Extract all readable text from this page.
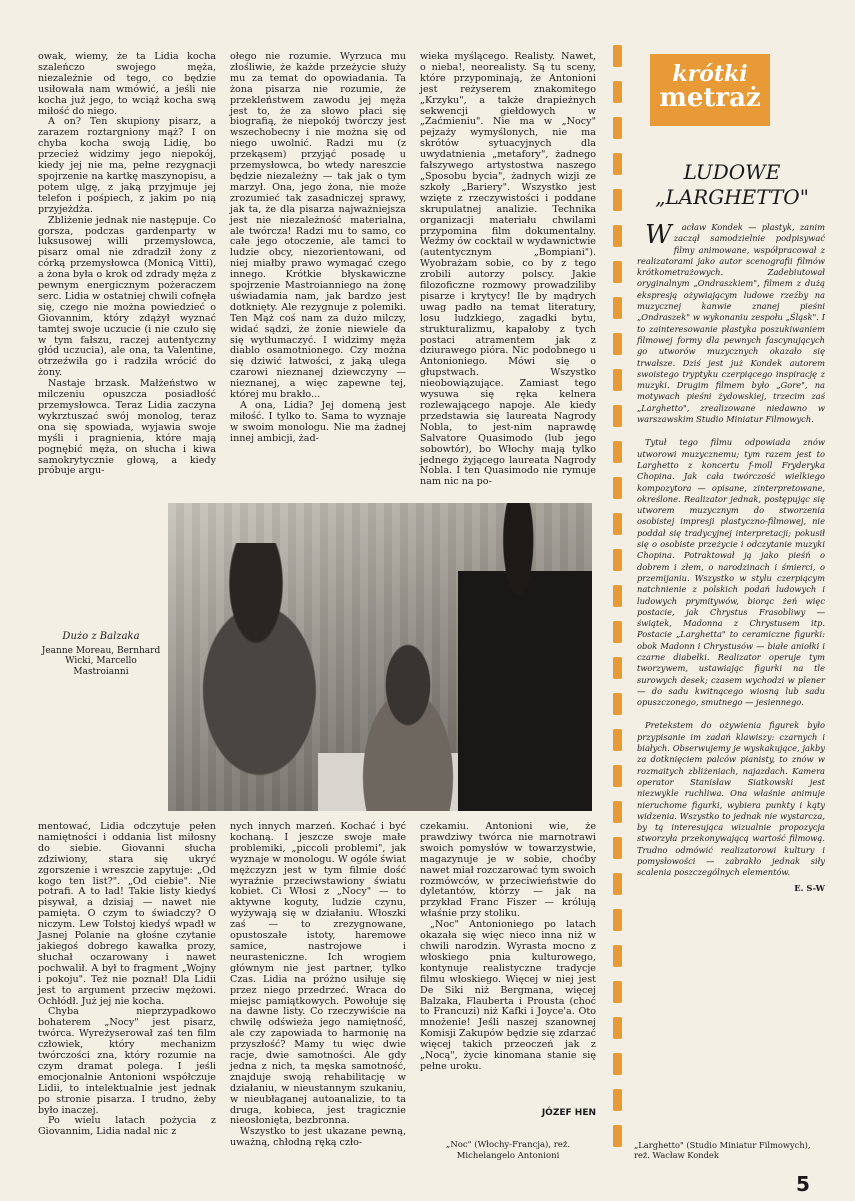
owak, wiemy, że ta Lidia kocha szaleńczo swojego męża, niezależnie od tego, co będzie usiłowała nam wmówić, a jeśli nie kocha już jego, to wciąż kocha swą miłość do niego.

A on? Ten skupiony pisarz, a zarazem roztargniony mąż? I on chyba kocha swoją Lidię, bo przecież widzimy jego niepokój, kiedy jej nie ma, pełne rezygnacji spojrzenie na kartkę maszynopisu, a potem ulgę, z jaką przyjmuje jej telefon i pośpiech, z jakim po nią przyjeżdża.

Zbliżenie jednak nie następuje. Co gorsza, podczas gardenparty w luksusowej willi przemysłowca, pisarz omal nie zdradził żony z córką przemysłowca (Monicą Vitti), a żona była o krok od zdrady męża z pewnym energicznym pożeraczem serc. Lidia w ostatniej chwili cofnęła się, czego nie można powiedzieć o Giovannim, który zdążył wyznać tamtej swoje uczucie (i nie czuło się w tym fałszu, raczej autentyczny głód uczucia), ale ona, ta Valentine, otrzeźwiła go i radziła wrócić do żony.

Nastaje brzask. Małżeństwo w milczeniu opuszcza posiadłość przemysłowca. Teraz Lidia zaczyna wykrztuszać swój monolog, teraz ona się spowiada, wyjawia swoje myśli i pragnienia, które mają pognębić męża, on słucha i kiwa samokrytycznie głową, a kiedy próbuje argu-

ołego nie rozumie. Wyrzuca mu złośliwie, że każde przeżycie służy mu za temat do opowiadania. Ta żona pisarza nie rozumie, że przekleństwem zawodu jej męża jest to, że za słowo płaci się biografią, że niepokój twórczy jest wszechobecny i nie można się od niego uwolnić. Radzi mu (z przekąsem) przyjąć posadę u przemysłowca, bo wtedy nareszcie będzie niezależny — tak jak o tym marzył. Ona, jego żona, nie może zrozumieć tak zasadniczej sprawy, jak ta, że dla pisarza najważniejsza jest nie niezależność materialna, ale twórcza! Radzi mu to samo, co całe jego otoczenie, ale tamci to ludzie obcy, niezorientowani, od niej miałby prawo wymagać czego innego. Krótkie błyskawiczne spojrzenie Mastroianniego na żonę uświadamia nam, jak bardzo jest dotknięty. Ale rezygnuje z polemiki. Ten Mąż coś nam za dużo milczy, widać sądzi, że żonie niewiele da się wytłumaczyć. I widzimy męża diablo osamotnionego. Czy można się dziwić łatwości, z jaką ulega czarowi nieznanej dziewczyny — nieznanej, a więc zapewne tej, której mu brakło...

A ona, Lidia? Jej domeną jest miłość. I tylko to. Sama to wyznaje w swoim monologu. Nie ma żadnej innej ambicji, żad-

wieka myślącego. Realisty. Nawet, o nieba!, neorealisty. Są tu sceny, które przypominają, że Antonioni jest reżyserem znakomitego „Krzyku", a także drapieżnych sekwencji giełdowych w „Zaćmieniu". Nie ma w „Nocy" pejzaży wymyślonych, nie ma skrótów sytuacyjnych dla uwydatnienia „metafory", żadnego fałszywego artystostwa naszego „Sposobu bycia", żadnych wizji ze szkoły „Bariery". Wszystko jest wzięte z rzeczywistości i poddane skrupulatnej analizie. Technika organizacji materiału chwilami przypomina film dokumentalny. Weźmy ów cocktail w wydawnictwie (autentycznym „Bompiani"). Wyobrażam sobie, co by z tego zrobili autorzy polscy. Jakie filozoficzne rozmowy prowadziliby pisarze i krytycy! Ile by mądrych uwag padło na temat literatury, losu ludzkiego, zagadki bytu, strukturalizmu, kapałoby z tych postaci atramentem jak z dziurawego pióra. Nic podobnego u Antonioniego. Mówi się o głupstwach. Wszystko nieobowiązujące. Zamiast tego wysuwa się ręka kelnera rozlewającego napoje. Ale kiedy przedstawia się laureata Nagrody Nobla, to jest-nim naprawdę Salvatore Quasimodo (lub jego sobowtór), bo Włochy mają tylko jednego żyjącego laureata Nagrody Nobla. I ten Quasimodo nie rymuje nam nic na po-

Dużo z Balzaka
Jeanne Moreau, Bernhard Wicki, Marcello Mastroianni

mentować, Lidia odczytuje pełen namiętności i oddania list miłosny do siebie. Giovanni słucha zdziwiony, stara się ukryć zgorszenie i wreszcie zapytuje: „Od kogo ten list?". „Od ciebie". Nie potrafi. A to ład! Takie listy kiedyś pisywał, a dzisiaj — nawet nie pamięta. O czym to świadczy? O niczym. Lew Tołstoj kiedyś wpadł w Jasnej Polanie na głośne czytanie jakiegoś dobrego kawałka prozy, słuchał oczarowany i nawet pochwalił. A był to fragment „Wojny i pokoju". Też nie poznał! Dla Lidii jest to argument przeciw mężowi. Ochłódł. Już jej nie kocha.

Chyba nieprzypadkowo bohaterem „Nocy" jest pisarz, twórca. Wyreżyserował zaś ten film człowiek, który mechanizm twórczości zna, który rozumie na czym dramat polega. I jeśli emocjonalnie Antonioni współczuje Lidii, to intelektualnie jest jednak po stronie pisarza. I trudno, żeby było inaczej.

Po wielu latach pożycia z Giovannim, Lidia nadal nic z

nych innych marzeń. Kochać i być kochaną. I jeszcze swoje małe problemiki, „piccoli problemi", jak wyznaje w monologu. W ogóle świat mężczyzn jest w tym filmie dość wyraźnie przeciwstawiony światu kobiet. Ci Włosi z „Nocy" — to aktywne koguty, ludzie czynu, wyżywają się w działaniu. Włoszki zaś — to zrezygnowane, opustoszałe istoty, haremowe samice, nastrojowe i neurasteniczne. Ich wrogiem głównym nie jest partner, tylko Czas. Lidia na próżno usiłuje się przez niego przedrzeć. Wraca do miejsc pamiątkowych. Powołuje się na dawne listy. Co rzeczywiście na chwilę odświeża jego namiętność, ale czy zapowiada to harmonię na przyszłość? Mamy tu więc dwie racje, dwie samotności. Ale gdy jedna z nich, ta męska samotność, znajduje swoją rehabilitację w działaniu, w nieustannym szukaniu, w nieubłaganej autoanalizie, to ta druga, kobieca, jest tragicznie nieosłonięta, bezbronna.

Wszystko to jest ukazane pewną, uważną, chłodną ręką czło-

czekamiu. Antonioni wie, że prawdziwy twórca nie marnotrawi swoich pomysłów w towarzystwie, magazynuje je w sobie, choćby nawet miał rozczarować tym swoich rozmówców, w przeciwieństwie do dyletantów, którzy — jak na przykład Franc Fiszer — królują właśnie przy stoliku.

„Noc" Antonioniego po latach okazała się więc nieco inna niż w chwili narodzin. Wyrasta mocno z włoskiego pnia kulturowego, kontynuje realistyczne tradycje filmu włoskiego. Więcej w niej jest De Siki niż Bergmana, więcej Balzaka, Flauberta i Prousta (choć to Francuzi) niż Kafki i Joyce'a. Oto mnożenie! Jeśli naszej szanownej Komisji Zakupów będzie się zdarzać więcej takich przeoczeń jak z „Nocą", życie kinomana stanie się pełne uroku.

JÓZEF HEN
„Noc" (Włochy-Francja), reż. Michelangelo Antonioni
krótki
metraż
LUDOWE
„LARGHETTO"

W acław Kondek — plastyk, zanim zaczął samodzielnie podpisywać filmy animowane, współpracował z realizatorami jako autor scenografii filmów krótkometrażowych. Zadebiutował oryginalnym „Ondraszkiem", filmem z dużą ekspresją ożywiającym ludowe rzeźby na muzycznej kanwie znanej pieśni „Ondraszek" w wykonaniu zespołu „Śląsk". I to zainteresowanie plastyka poszukiwaniem filmowej formy dla pewnych fascynujących go utworów muzycznych okazało się trwałsze. Dziś jest już Kondek autorem swoistego tryptyku czerpiącego inspirację z muzyki. Drugim filmem było „Gore", na motywach pieśni żydowskiej, trzecim zaś „Larghetto", zrealizowane niedawno w warszawskim Studio Miniatur Filmowych.

Tytuł tego filmu odpowiada znów utworowi muzycznemu; tym razem jest to Larghetto z koncertu f-moll Fryderyka Chopina. Jak cała twórczość wielkiego kompozytora — opisane, zinterpretowane, określone. Realizator jednak, postępując się utworem muzycznym do stworzenia osobistej impresji plastyczno-filmowej, nie poddał się tradycyjnej interpretacji; pokusił się o osobiste przeżycie i odczytanie muzyki Chopina. Potraktował ją jako pieśń o dobrem i złem, o narodzinach i śmierci, o przemijaniu. Wszystko w stylu czerpiącym natchnienie z polskich podań ludowych i ludowych prymitywów, biorąc żeń więc postacie, jak Chrystus Frasobliwy — świątek, Madonna z Chrystusem itp. Postacie „Larghetta" to ceramiczne figurki: obok Madonn i Chrystusów — białe aniołki i czarne diabełki. Realizator operuje tym tworzywem, ustawiając figurki na tle surowych desek; czasem wychodzi w plener — do sadu kwitnącego wiosną lub sadu opuszczonego, smutnego — jesiennego.

Pretekstem do ożywienia figurek było przypisanie im zadań klawiszy: czarnych i białych. Obserwujemy je wyskakujące, jakby za dotknięciem palców pianisty, to znów w rozmaitych zbliżeniach, najazdach. Kamera operator Stanisław Siatkowski jest niezwykle ruchliwa. Ona właśnie animuje nieruchome figurki, wybiera punkty i kąty widzenia. Wszystko to jednak nie wystarcza, by tą interesująca wizualnie propozycja stworzyła przekonywającą wartość filmową. Trudno odmówić realizatorowi kultury i pomysłowości — zabrakło jednak siły scalenia poszczególnych elementów.

E. S-W
„Larghetto" (Studio Miniatur Filmowych), reż. Wacław Kondek
5
